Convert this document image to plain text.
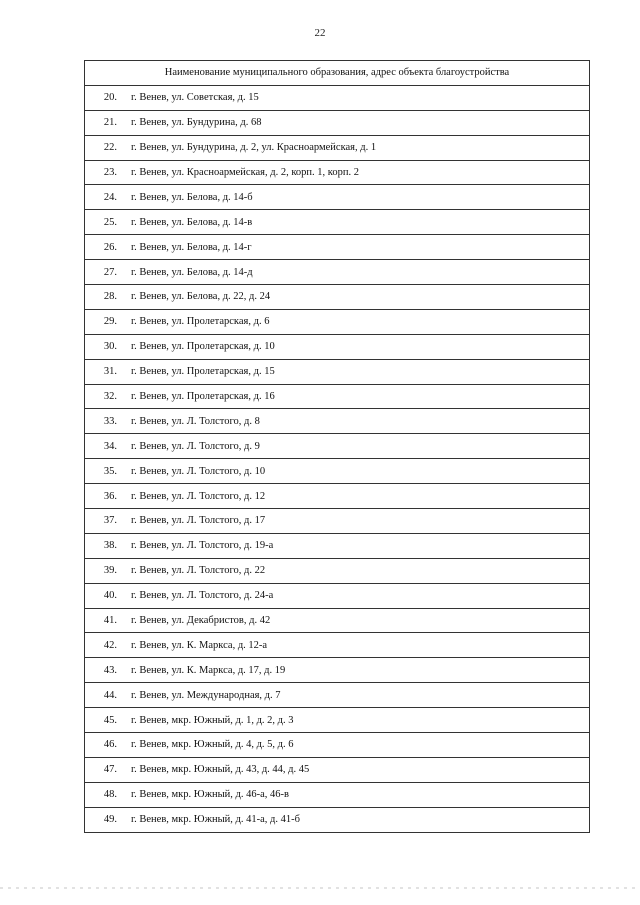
22
Наименование муниципального образования, адрес объекта благоустройства
20.	г. Венев, ул. Советская, д. 15
21.	г. Венев, ул. Бундурина, д. 68
22.	г. Венев, ул. Бундурина, д. 2, ул. Красноармейская, д. 1
23.	г. Венев, ул. Красноармейская, д. 2, корп. 1, корп. 2
24.	г. Венев, ул. Белова, д. 14-б
25.	г. Венев, ул. Белова, д. 14-в
26.	г. Венев, ул. Белова, д. 14-г
27.	г. Венев, ул. Белова, д. 14-д
28.	г. Венев, ул. Белова, д. 22, д. 24
29.	г. Венев, ул. Пролетарская, д. 6
30.	г. Венев, ул. Пролетарская, д. 10
31.	г. Венев, ул. Пролетарская, д. 15
32.	г. Венев, ул. Пролетарская, д. 16
33.	г. Венев, ул. Л. Толстого, д. 8
34.	г. Венев, ул. Л. Толстого, д. 9
35.	г. Венев, ул. Л. Толстого, д. 10
36.	г. Венев, ул. Л. Толстого, д. 12
37.	г. Венев, ул. Л. Толстого, д. 17
38.	г. Венев, ул. Л. Толстого, д. 19-а
39.	г. Венев, ул. Л. Толстого, д. 22
40.	г. Венев, ул. Л. Толстого, д. 24-а
41.	г. Венев, ул. Декабристов, д. 42
42.	г. Венев, ул. К. Маркса, д. 12-а
43.	г. Венев, ул. К. Маркса, д. 17, д. 19
44.	г. Венев, ул. Международная, д. 7
45.	г. Венев, мкр. Южный, д. 1, д. 2, д. 3
46.	г. Венев, мкр. Южный, д. 4, д. 5, д. 6
47.	г. Венев, мкр. Южный, д. 43, д. 44, д. 45
48.	г. Венев, мкр. Южный, д. 46-а, 46-в
49.	г. Венев, мкр. Южный, д. 41-а, д. 41-б
